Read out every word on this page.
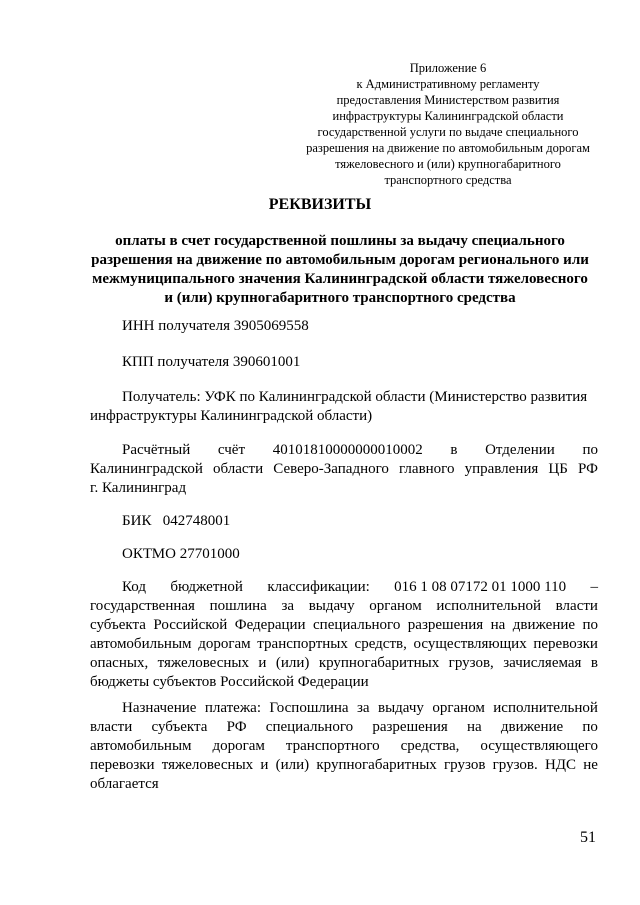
Приложение 6
к Административному регламенту
предоставления Министерством развития
инфраструктуры Калининградской области
государственной услуги по выдаче специального
разрешения на движение по автомобильным дорогам
тяжеловесного и (или) крупногабаритного
транспортного средства
РЕКВИЗИТЫ
оплаты в счет государственной пошлины за выдачу специального
разрешения на движение по автомобильным дорогам регионального или
межмуниципального значения Калининградской области тяжеловесного
и (или) крупногабаритного транспортного средства
ИНН получателя 3905069558
КПП получателя 390601001
Получатель: УФК по Калининградской области (Министерство развития
инфраструктуры Калининградской области)
Расчётный счёт 40101810000000010002 в Отделении по
Калининградской области Северо-Западного главного управления ЦБ РФ
г. Калининград
БИК   042748001
ОКТМО 27701000
Код бюджетной классификации: 016 1 08 07172 01 1000 110 –
государственная пошлина за выдачу органом исполнительной власти
субъекта Российской Федерации специального разрешения на движение по
автомобильным дорогам транспортных средств, осуществляющих перевозки
опасных, тяжеловесных и (или) крупногабаритных грузов, зачисляемая в
бюджеты субъектов Российской Федерации
Назначение платежа: Госпошлина за выдачу органом исполнительной
власти субъекта РФ специального разрешения на движение по
автомобильным дорогам транспортного средства, осуществляющего
перевозки тяжеловесных и (или) крупногабаритных грузов грузов. НДС не
облагается
51
